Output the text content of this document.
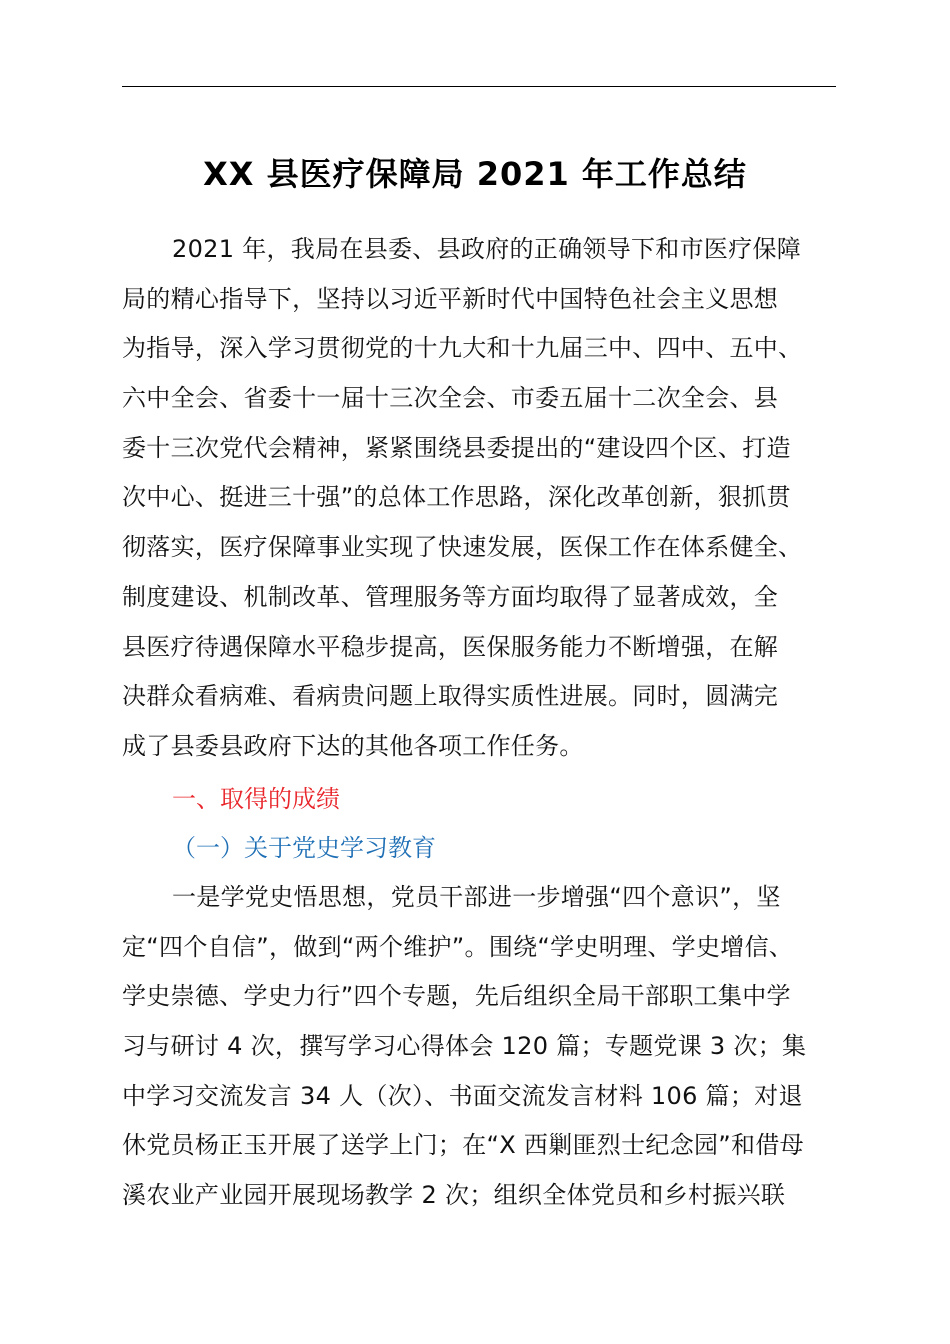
XX 县医疗保障局 2021 年工作总结
2021 年，我局在县委、县政府的正确领导下和市医疗保障
局的精心指导下，坚持以习近平新时代中国特色社会主义思想
为指导，深入学习贯彻党的十九大和十九届三中、四中、五中、
六中全会、省委十一届十三次全会、市委五届十二次全会、县
委十三次党代会精神，紧紧围绕县委提出的“建设四个区、打造
次中心、挺进三十强”的总体工作思路，深化改革创新，狠抓贯
彻落实，医疗保障事业实现了快速发展，医保工作在体系健全、
制度建设、机制改革、管理服务等方面均取得了显著成效，全
县医疗待遇保障水平稳步提高，医保服务能力不断增强，在解
决群众看病难、看病贵问题上取得实质性进展。同时，圆满完
成了县委县政府下达的其他各项工作任务。
一、取得的成绩
（一）关于党史学习教育
一是学党史悟思想，党员干部进一步增强“四个意识”，坚
定“四个自信”，做到“两个维护”。围绕“学史明理、学史增信、
学史崇德、学史力行”四个专题，先后组织全局干部职工集中学
习与研讨 4 次，撰写学习心得体会 120 篇；专题党课 3 次；集
中学习交流发言 34 人（次）、书面交流发言材料 106 篇；对退
休党员杨正玉开展了送学上门；在“X 西剿匪烈士纪念园”和借母
溪农业产业园开展现场教学 2 次；组织全体党员和乡村振兴联
